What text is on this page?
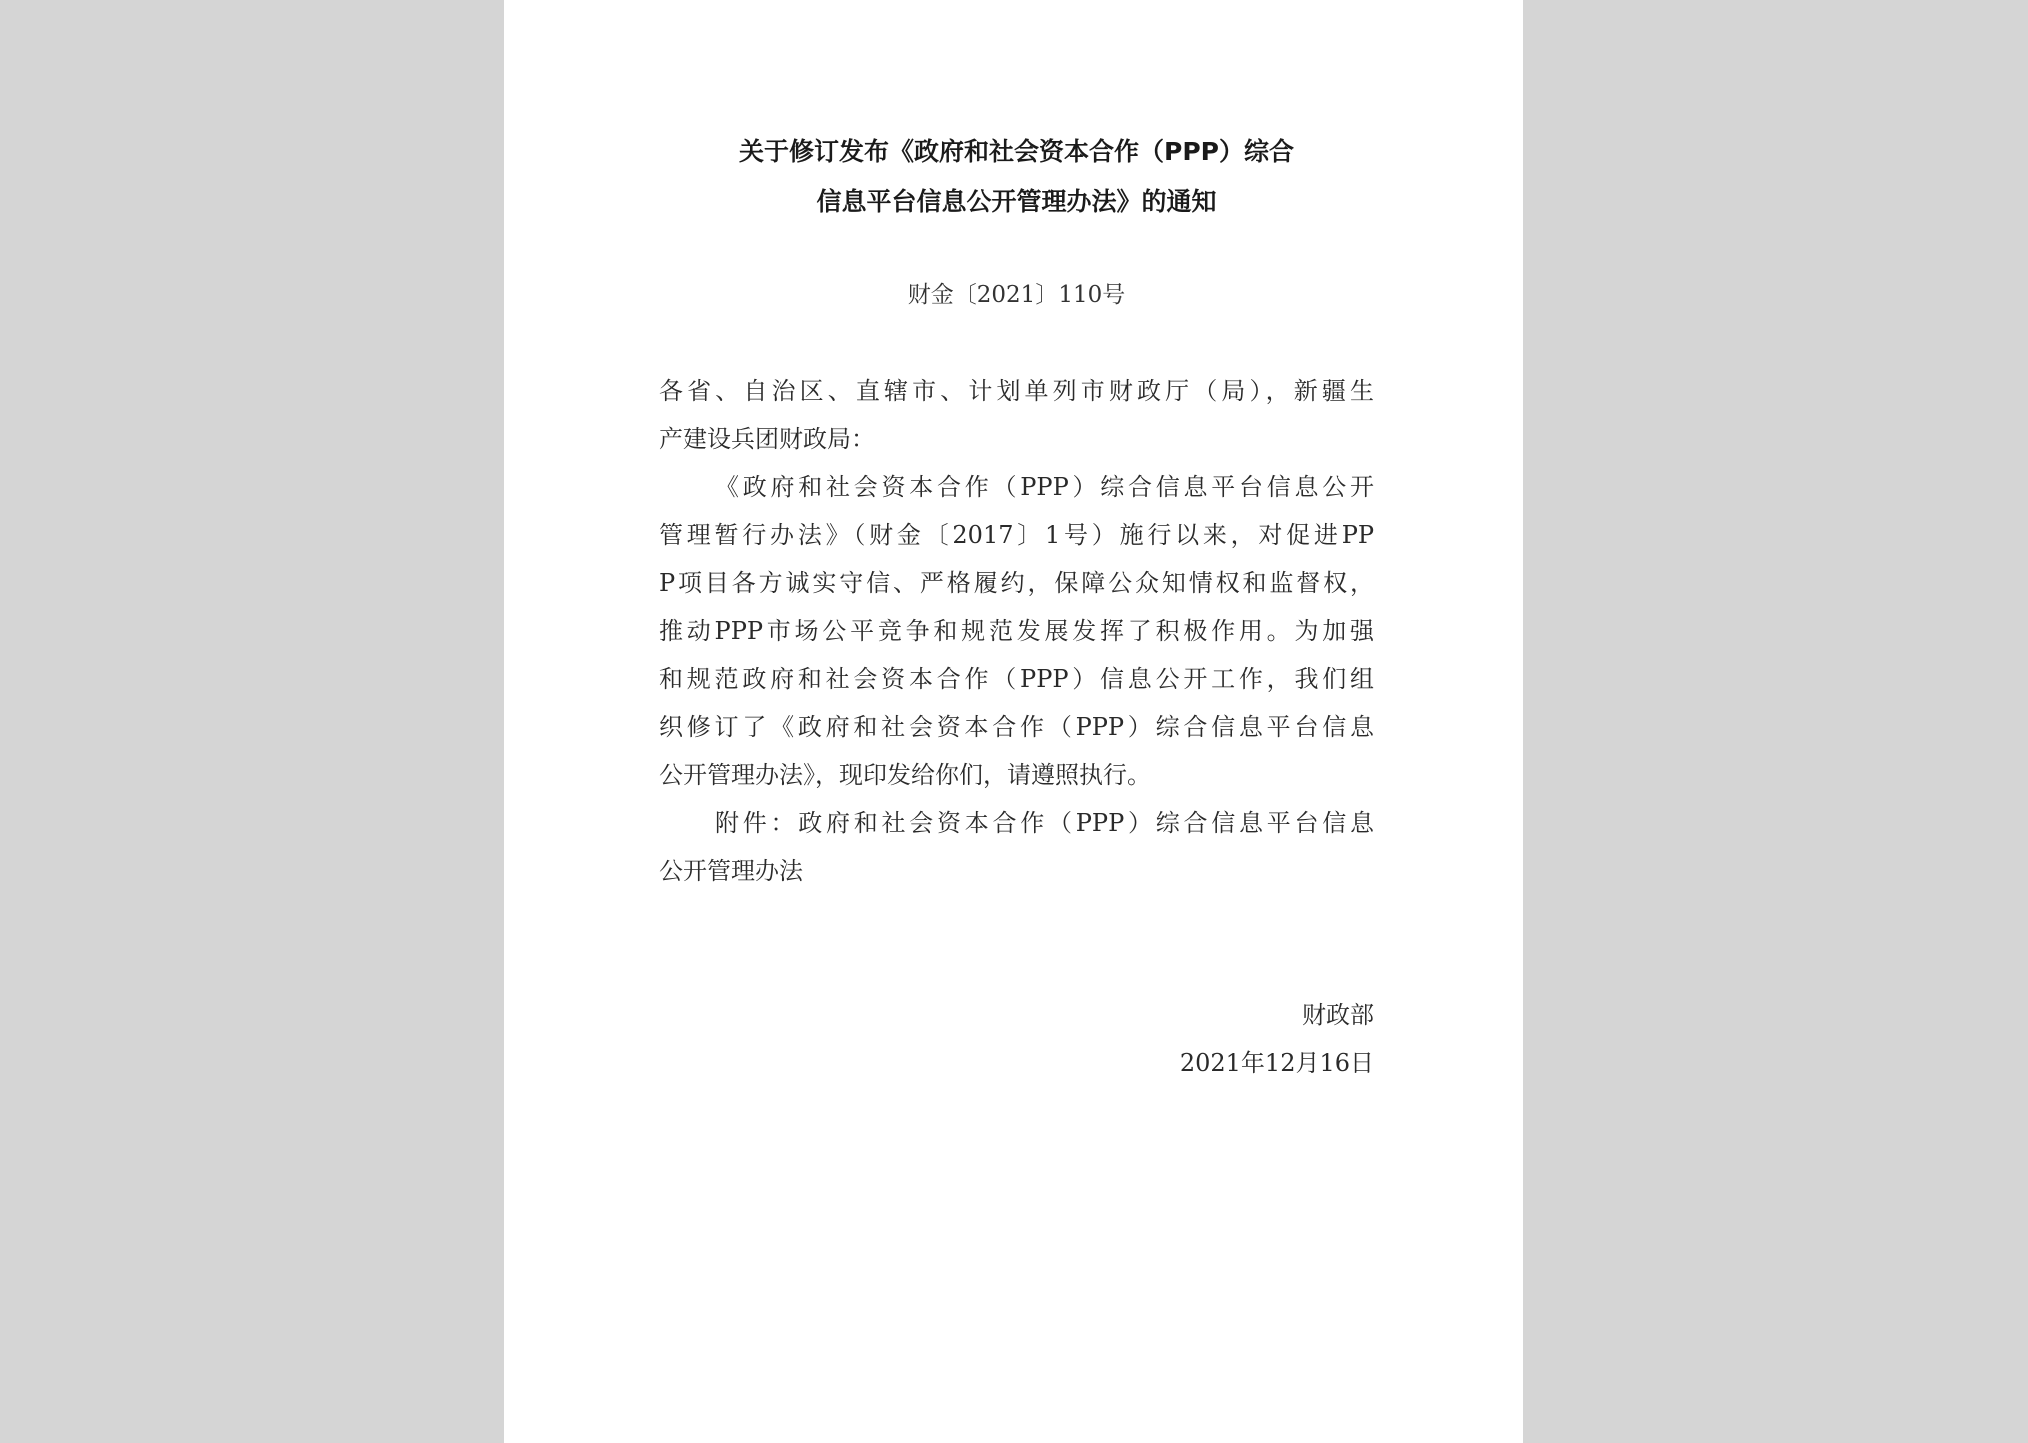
关于修订发布《政府和社会资本合作（PPP）综合
信息平台信息公开管理办法》的通知
财金〔2021〕110号
各省、自治区、直辖市、计划单列市财政厅（局），新疆生
产建设兵团财政局：
《政府和社会资本合作（PPP）综合信息平台信息公开
管理暂行办法》（财金〔2017〕1号）施行以来，对促进PP
P项目各方诚实守信、严格履约，保障公众知情权和监督权，
推动PPP市场公平竞争和规范发展发挥了积极作用。为加强
和规范政府和社会资本合作（PPP）信息公开工作，我们组
织修订了《政府和社会资本合作（PPP）综合信息平台信息
公开管理办法》，现印发给你们，请遵照执行。
附件：政府和社会资本合作（PPP）综合信息平台信息
公开管理办法
财政部
2021年12月16日
